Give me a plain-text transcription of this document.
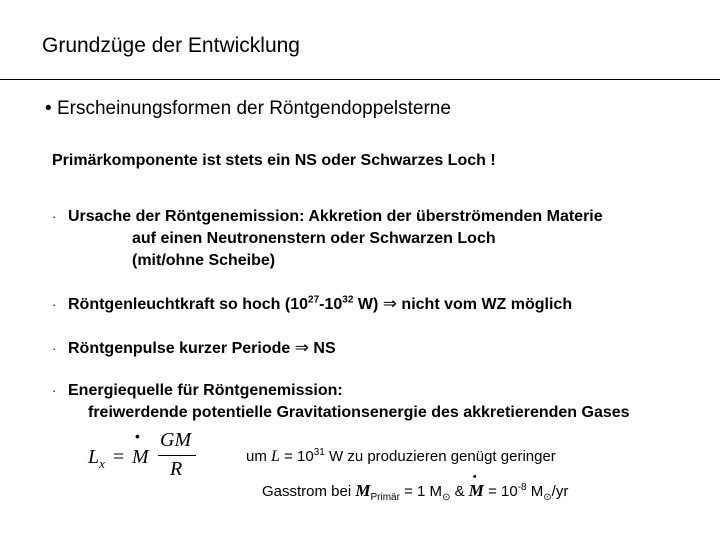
Grundzüge der Entwicklung
• Erscheinungsformen der Röntgendoppelsterne
Primärkomponente ist stets ein NS oder Schwarzes Loch !
· Ursache der Röntgenemission: Akkretion der überströmenden Materie
auf einen Neutronenstern oder Schwarzen Loch
(mit/ohne Scheibe)
· Röntgenleuchtkraft so hoch ($10^{27}-10^{32}$ W) ⇒ nicht vom WZ möglich
· Röntgenpulse kurzer Periode ⇒ NS
· Energiequelle für Röntgenemission:
freiwerdende potentielle Gravitationsenergie des akkretierenden Gases
$L_x = M$
• GM
R
um $L = 10^{31}$ W zu produzieren genügt geringer
Gasstrom bei $M_{Primär} = 1$ $M_⊙$ & M
•
= $10^{-8}$ $M_⊙/yr$
